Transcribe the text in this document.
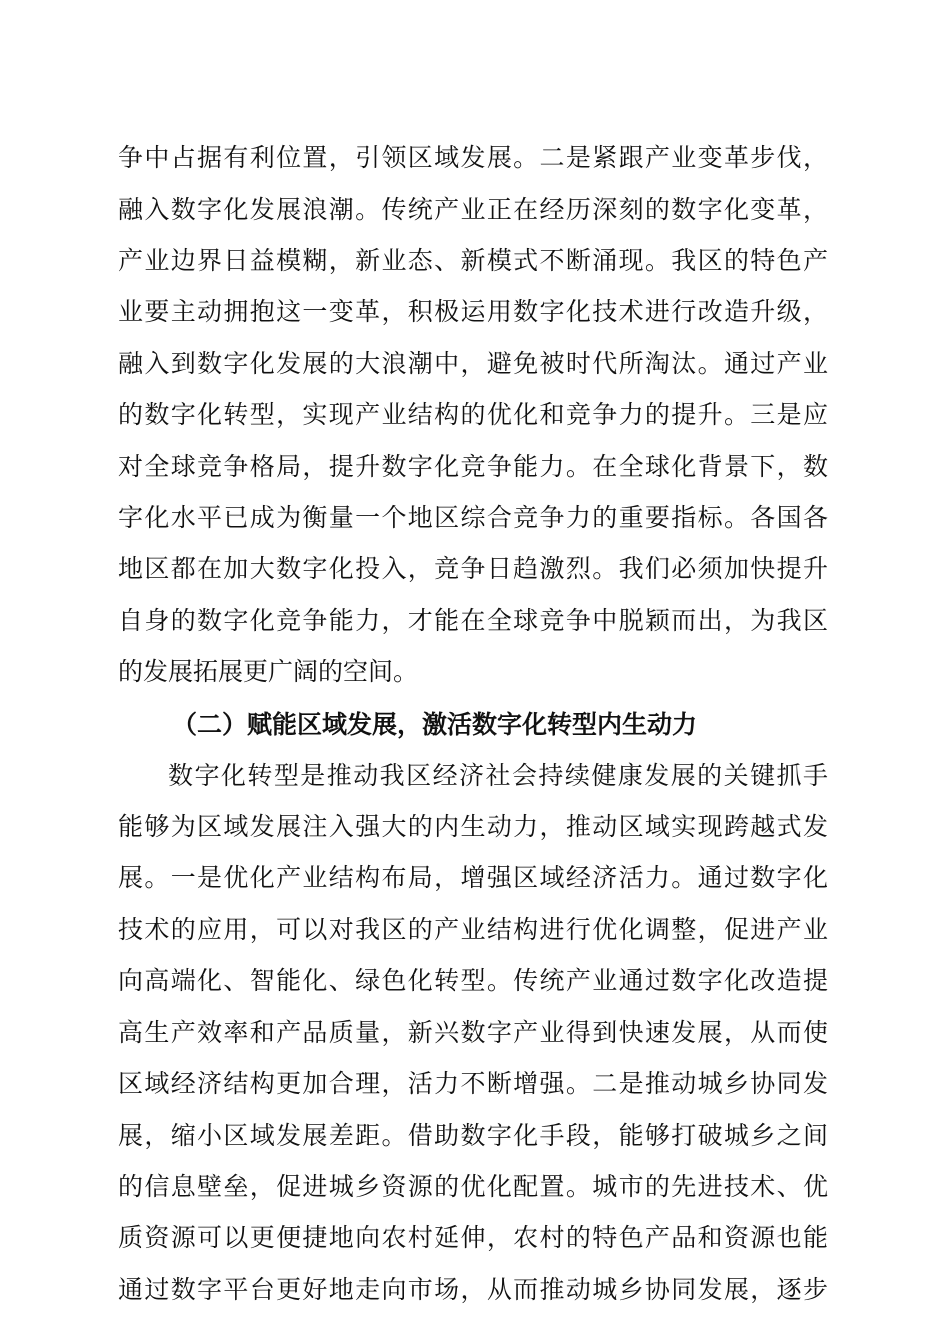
争中占据有利位置，引领区域发展。二是紧跟产业变革步伐，
融入数字化发展浪潮。传统产业正在经历深刻的数字化变革，
产业边界日益模糊，新业态、新模式不断涌现。我区的特色产
业要主动拥抱这一变革，积极运用数字化技术进行改造升级，
融入到数字化发展的大浪潮中，避免被时代所淘汰。通过产业
的数字化转型，实现产业结构的优化和竞争力的提升。三是应
对全球竞争格局，提升数字化竞争能力。在全球化背景下，数
字化水平已成为衡量一个地区综合竞争力的重要指标。各国各
地区都在加大数字化投入，竞争日趋激烈。我们必须加快提升
自身的数字化竞争能力，才能在全球竞争中脱颖而出，为我区
的发展拓展更广阔的空间。
（二）赋能区域发展，激活数字化转型内生动力
数字化转型是推动我区经济社会持续健康发展的关键抓手
能够为区域发展注入强大的内生动力，推动区域实现跨越式发
展。一是优化产业结构布局，增强区域经济活力。通过数字化
技术的应用，可以对我区的产业结构进行优化调整，促进产业
向高端化、智能化、绿色化转型。传统产业通过数字化改造提
高生产效率和产品质量，新兴数字产业得到快速发展，从而使
区域经济结构更加合理，活力不断增强。二是推动城乡协同发
展，缩小区域发展差距。借助数字化手段，能够打破城乡之间
的信息壁垒，促进城乡资源的优化配置。城市的先进技术、优
质资源可以更便捷地向农村延伸，农村的特色产品和资源也能
通过数字平台更好地走向市场，从而推动城乡协同发展，逐步
